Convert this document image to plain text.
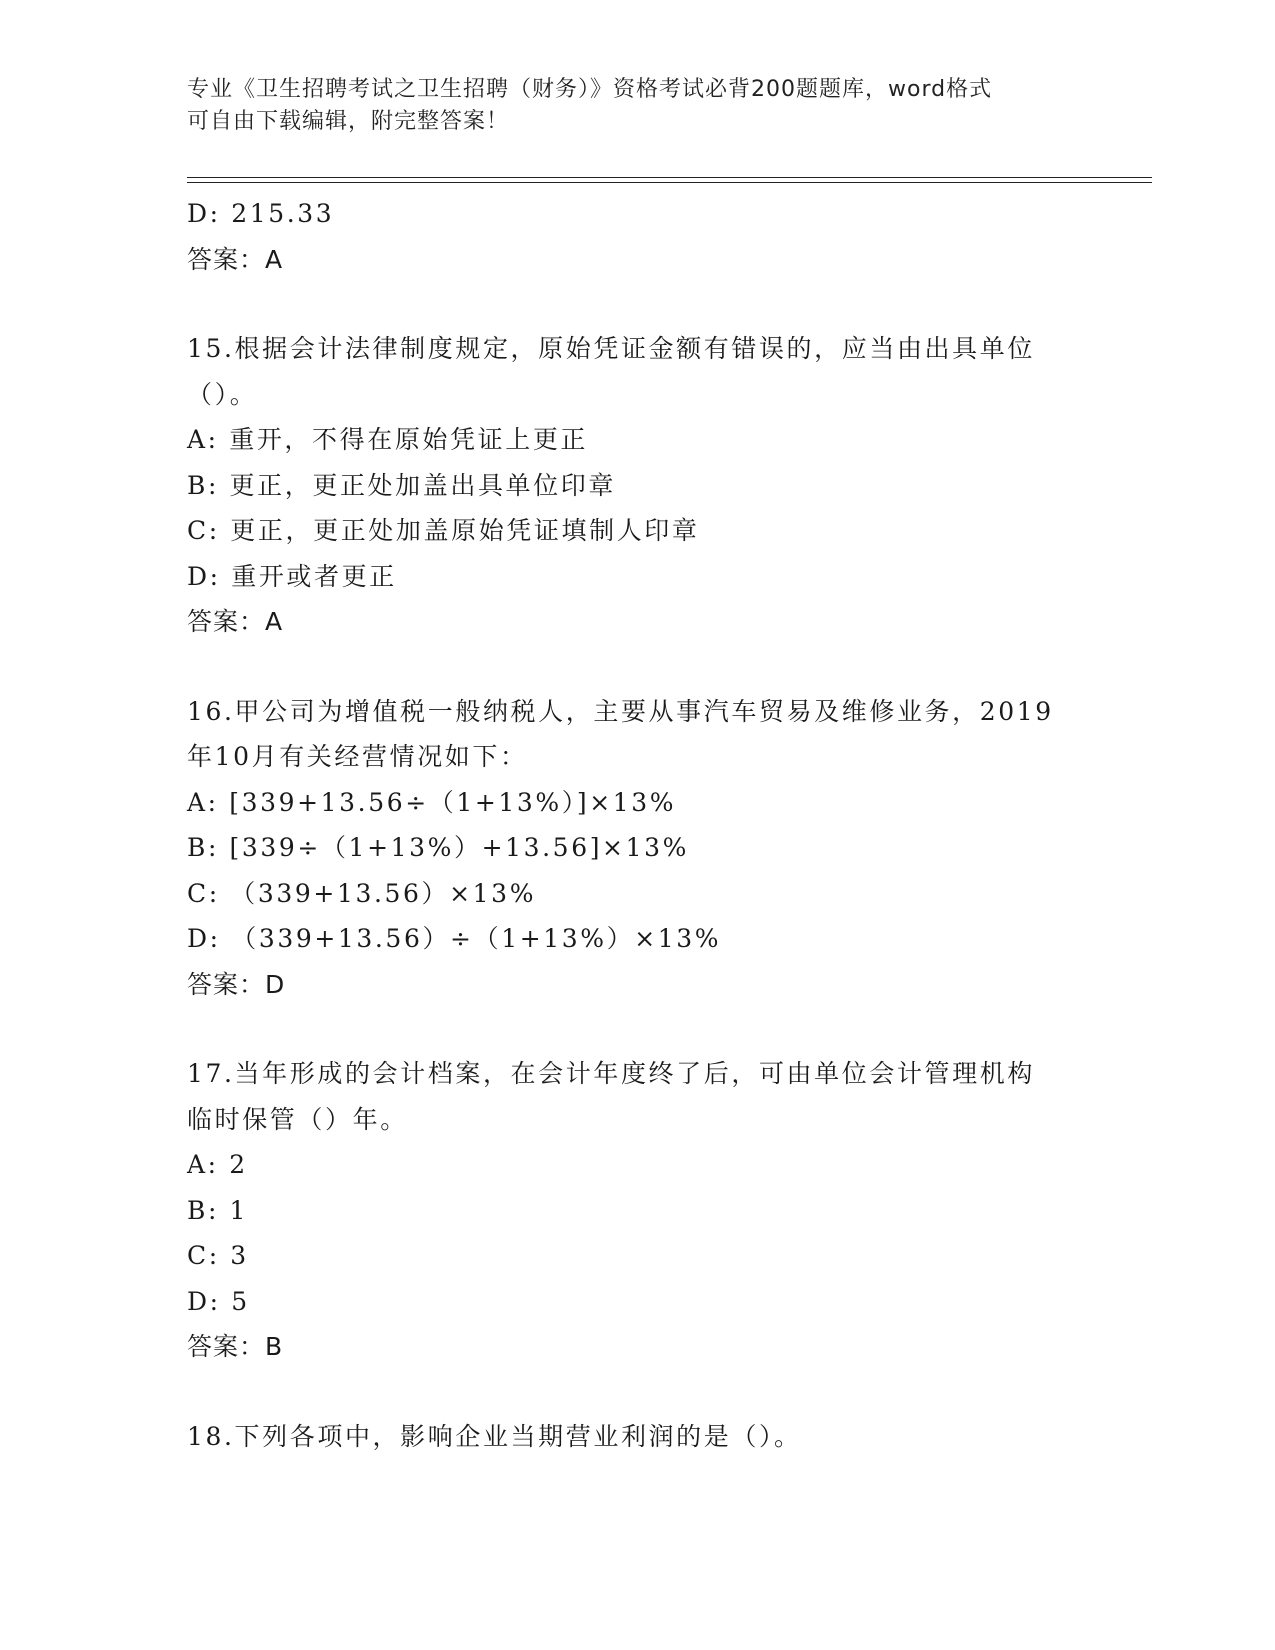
专业《卫生招聘考试之卫生招聘（财务）》资格考试必背200题题库，word格式
可自由下载编辑，附完整答案！
D: 215.33
答案：A
15.根据会计法律制度规定，原始凭证金额有错误的，应当由出具单位
（）。
A: 重开，不得在原始凭证上更正
B: 更正，更正处加盖出具单位印章
C: 更正，更正处加盖原始凭证填制人印章
D: 重开或者更正
答案：A
16.甲公司为增值税一般纳税人，主要从事汽车贸易及维修业务，2019
年10月有关经营情况如下：
A: [339+13.56÷（1+13%）]×13%
B: [339÷（1+13%）+13.56]×13%
C: （339+13.56）×13%
D: （339+13.56）÷（1+13%）×13%
答案：D
17.当年形成的会计档案，在会计年度终了后，可由单位会计管理机构
临时保管（）年。
A: 2
B: 1
C: 3
D: 5
答案：B
18.下列各项中，影响企业当期营业利润的是（）。
